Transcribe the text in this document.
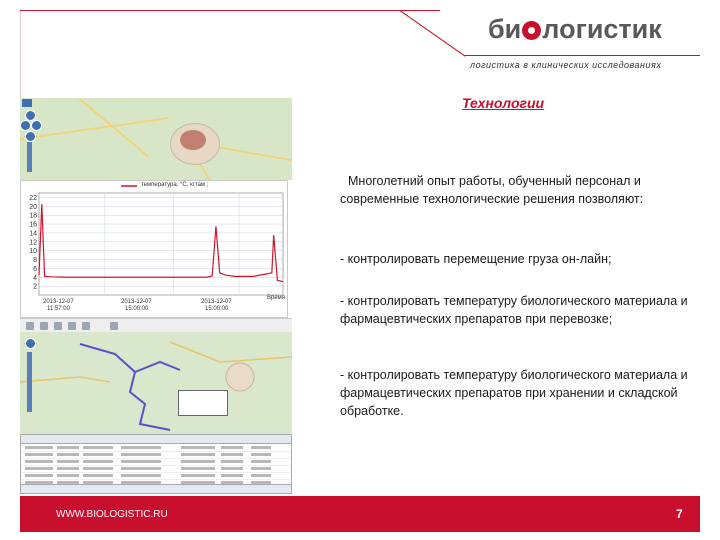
би логистик
логистика в клинических исследованиях
Технологии
Многолетний опыт работы, обученный персонал и современные технологические решения позволяют:
- контролировать перемещение груза он-лайн;
- контролировать температуру биологического материала и фармацевтических препаратов при перевозке;
- контролировать температуру биологического материала и фармацевтических препаратов при хранении и складской обработке.
температура, °C, кгтам ;
22
20
18
16
14
12
10
8
6
4
2
2013-12-07
11:57:00
2013-12-07
15:00:00
2013-12-07
15:00:00
Время
WWW.BIOLOGISTIC.RU	7
